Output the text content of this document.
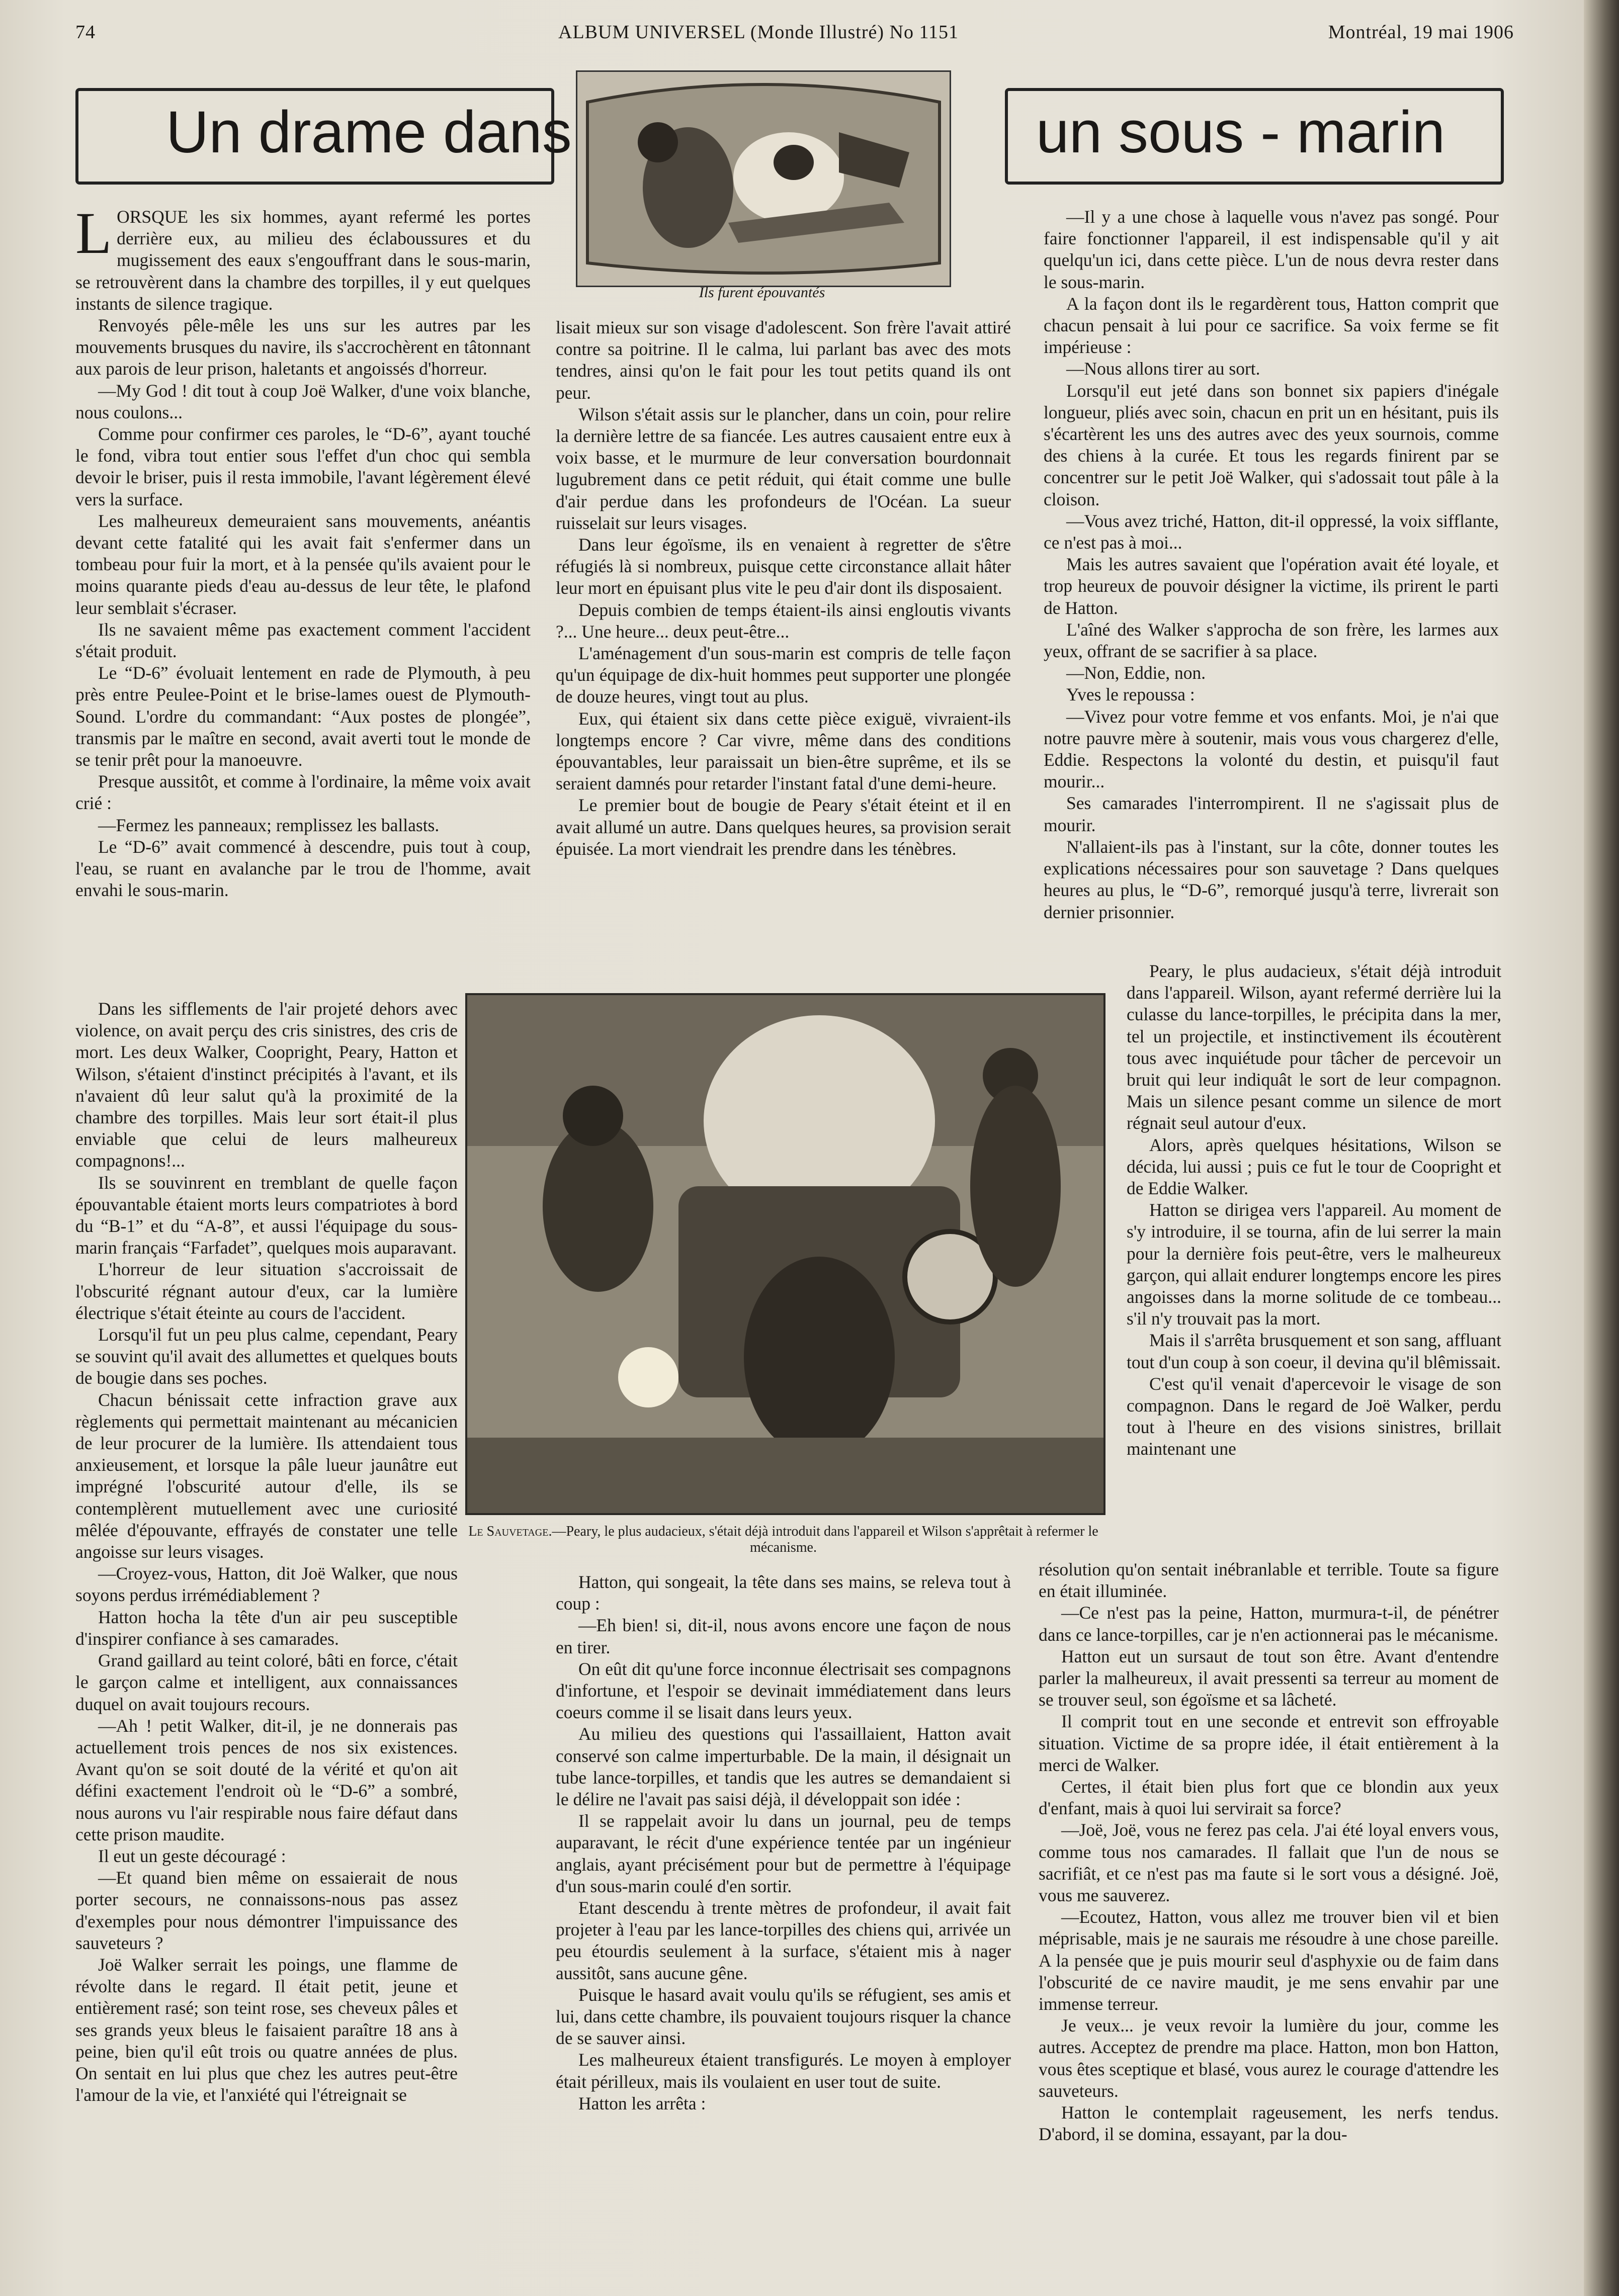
74	ALBUM UNIVERSEL (Monde Illustré) No 1151	Montréal, 19 mai 1906
Un drame dans	un sous - marin
Ils furent épouvantés

LORSQUE les six hommes, ayant refermé les portes derrière eux, au milieu des éclaboussures et du mugissement des eaux s'engouffrant dans le sous-marin, se retrouvèrent dans la chambre des torpilles, il y eut quelques instants de silence tragique.

Renvoyés pêle-mêle les uns sur les autres par les mouvements brusques du navire, ils s'accrochèrent en tâtonnant aux parois de leur prison, haletants et angoissés d'horreur.

—My God ! dit tout à coup Joë Walker, d'une voix blanche, nous coulons...

Comme pour confirmer ces paroles, le “D-6”, ayant touché le fond, vibra tout entier sous l'effet d'un choc qui sembla devoir le briser, puis il resta immobile, l'avant légèrement élevé vers la surface.

Les malheureux demeuraient sans mouvements, anéantis devant cette fatalité qui les avait fait s'enfermer dans un tombeau pour fuir la mort, et à la pensée qu'ils avaient pour le moins quarante pieds d'eau au-dessus de leur tête, le plafond leur semblait s'écraser.

Ils ne savaient même pas exactement comment l'accident s'était produit.

Le “D-6” évoluait lentement en rade de Plymouth, à peu près entre Peulee-Point et le brise-lames ouest de Plymouth-Sound. L'ordre du commandant: “Aux postes de plongée”, transmis par le maître en second, avait averti tout le monde de se tenir prêt pour la manoeuvre.

Presque aussitôt, et comme à l'ordinaire, la même voix avait crié :

—Fermez les panneaux; remplissez les ballasts.

Le “D-6” avait commencé à descendre, puis tout à coup, l'eau, se ruant en avalanche par le trou de l'homme, avait envahi le sous-marin.

Dans les sifflements de l'air projeté dehors avec violence, on avait perçu des cris sinistres, des cris de mort. Les deux Walker, Coopright, Peary, Hatton et Wilson, s'étaient d'instinct précipités à l'avant, et ils n'avaient dû leur salut qu'à la proximité de la chambre des torpilles. Mais leur sort était-il plus enviable que celui de leurs malheureux compagnons!...

Ils se souvinrent en tremblant de quelle façon épouvantable étaient morts leurs compatriotes à bord du “B-1” et du “A-8”, et aussi l'équipage du sous-marin français “Farfadet”, quelques mois auparavant.

L'horreur de leur situation s'accroissait de l'obscurité régnant autour d'eux, car la lumière électrique s'était éteinte au cours de l'accident.

Lorsqu'il fut un peu plus calme, cependant, Peary se souvint qu'il avait des allumettes et quelques bouts de bougie dans ses poches.

Chacun bénissait cette infraction grave aux règlements qui permettait maintenant au mécanicien de leur procurer de la lumière. Ils attendaient tous anxieusement, et lorsque la pâle lueur jaunâtre eut imprégné l'obscurité autour d'elle, ils se contemplèrent mutuellement avec une curiosité mêlée d'épouvante, effrayés de constater une telle angoisse sur leurs visages.

—Croyez-vous, Hatton, dit Joë Walker, que nous soyons perdus irrémédiablement ?

Hatton hocha la tête d'un air peu susceptible d'inspirer confiance à ses camarades.

Grand gaillard au teint coloré, bâti en force, c'était le garçon calme et intelligent, aux connaissances duquel on avait toujours recours.

—Ah ! petit Walker, dit-il, je ne donnerais pas actuellement trois pences de nos six existences. Avant qu'on se soit douté de la vérité et qu'on ait défini exactement l'endroit où le “D-6” a sombré, nous aurons vu l'air respirable nous faire défaut dans cette prison maudite.

Il eut un geste découragé :

—Et quand bien même on essaierait de nous porter secours, ne connaissons-nous pas assez d'exemples pour nous démontrer l'impuissance des sauveteurs ?

Joë Walker serrait les poings, une flamme de révolte dans le regard. Il était petit, jeune et entièrement rasé; son teint rose, ses cheveux pâles et ses grands yeux bleus le faisaient paraître 18 ans à peine, bien qu'il eût trois ou quatre années de plus. On sentait en lui plus que chez les autres peut-être l'amour de la vie, et l'anxiété qui l'étreignait se

lisait mieux sur son visage d'adolescent. Son frère l'avait attiré contre sa poitrine. Il le calma, lui parlant bas avec des mots tendres, ainsi qu'on le fait pour les tout petits quand ils ont peur.

Wilson s'était assis sur le plancher, dans un coin, pour relire la dernière lettre de sa fiancée. Les autres causaient entre eux à voix basse, et le murmure de leur conversation bourdonnait lugubrement dans ce petit réduit, qui était comme une bulle d'air perdue dans les profondeurs de l'Océan. La sueur ruisselait sur leurs visages.

Dans leur égoïsme, ils en venaient à regretter de s'être réfugiés là si nombreux, puisque cette circonstance allait hâter leur mort en épuisant plus vite le peu d'air dont ils disposaient.

Depuis combien de temps étaient-ils ainsi engloutis vivants ?... Une heure... deux peut-être...

L'aménagement d'un sous-marin est compris de telle façon qu'un équipage de dix-huit hommes peut supporter une plongée de douze heures, vingt tout au plus.

Eux, qui étaient six dans cette pièce exiguë, vivraient-ils longtemps encore ? Car vivre, même dans des conditions épouvantables, leur paraissait un bien-être suprême, et ils se seraient damnés pour retarder l'instant fatal d'une demi-heure.

Le premier bout de bougie de Peary s'était éteint et il en avait allumé un autre. Dans quelques heures, sa provision serait épuisée. La mort viendrait les prendre dans les ténèbres.

Le Sauvetage.—Peary, le plus audacieux, s'était déjà introduit dans l'appareil et Wilson s'apprêtait à refermer le mécanisme.

Hatton, qui songeait, la tête dans ses mains, se releva tout à coup :

—Eh bien! si, dit-il, nous avons encore une façon de nous en tirer.

On eût dit qu'une force inconnue électrisait ses compagnons d'infortune, et l'espoir se devinait immédiatement dans leurs coeurs comme il se lisait dans leurs yeux.

Au milieu des questions qui l'assaillaient, Hatton avait conservé son calme imperturbable. De la main, il désignait un tube lance-torpilles, et tandis que les autres se demandaient si le délire ne l'avait pas saisi déjà, il développait son idée :

Il se rappelait avoir lu dans un journal, peu de temps auparavant, le récit d'une expérience tentée par un ingénieur anglais, ayant précisément pour but de permettre à l'équipage d'un sous-marin coulé d'en sortir.

Etant descendu à trente mètres de profondeur, il avait fait projeter à l'eau par les lance-torpilles des chiens qui, arrivée un peu étourdis seulement à la surface, s'étaient mis à nager aussitôt, sans aucune gêne.

Puisque le hasard avait voulu qu'ils se réfugient, ses amis et lui, dans cette chambre, ils pouvaient toujours risquer la chance de se sauver ainsi.

Les malheureux étaient transfigurés. Le moyen à employer était périlleux, mais ils voulaient en user tout de suite.

Hatton les arrêta :

—Il y a une chose à laquelle vous n'avez pas songé. Pour faire fonctionner l'appareil, il est indispensable qu'il y ait quelqu'un ici, dans cette pièce. L'un de nous devra rester dans le sous-marin.

A la façon dont ils le regardèrent tous, Hatton comprit que chacun pensait à lui pour ce sacrifice. Sa voix ferme se fit impérieuse :

—Nous allons tirer au sort.

Lorsqu'il eut jeté dans son bonnet six papiers d'inégale longueur, pliés avec soin, chacun en prit un en hésitant, puis ils s'écartèrent les uns des autres avec des yeux sournois, comme des chiens à la curée. Et tous les regards finirent par se concentrer sur le petit Joë Walker, qui s'adossait tout pâle à la cloison.

—Vous avez triché, Hatton, dit-il oppressé, la voix sifflante, ce n'est pas à moi...

Mais les autres savaient que l'opération avait été loyale, et trop heureux de pouvoir désigner la victime, ils prirent le parti de Hatton.

L'aîné des Walker s'approcha de son frère, les larmes aux yeux, offrant de se sacrifier à sa place.

—Non, Eddie, non.

Yves le repoussa :

—Vivez pour votre femme et vos enfants. Moi, je n'ai que notre pauvre mère à soutenir, mais vous vous chargerez d'elle, Eddie. Respectons la volonté du destin, et puisqu'il faut mourir...

Ses camarades l'interrompirent. Il ne s'agissait plus de mourir.

N'allaient-ils pas à l'instant, sur la côte, donner toutes les explications nécessaires pour son sauvetage ? Dans quelques heures au plus, le “D-6”, remorqué jusqu'à terre, livrerait son dernier prisonnier.

Peary, le plus audacieux, s'était déjà introduit dans l'appareil. Wilson, ayant refermé derrière lui la culasse du lance-torpilles, le précipita dans la mer, tel un projectile, et instinctivement ils écoutèrent tous avec inquiétude pour tâcher de percevoir un bruit qui leur indiquât le sort de leur compagnon. Mais un silence pesant comme un silence de mort régnait seul autour d'eux.

Alors, après quelques hésitations, Wilson se décida, lui aussi ; puis ce fut le tour de Coopright et de Eddie Walker.

Hatton se dirigea vers l'appareil. Au moment de s'y introduire, il se tourna, afin de lui serrer la main pour la dernière fois peut-être, vers le malheureux garçon, qui allait endurer longtemps encore les pires angoisses dans la morne solitude de ce tombeau... s'il n'y trouvait pas la mort.

Mais il s'arrêta brusquement et son sang, affluant tout d'un coup à son coeur, il devina qu'il blêmissait.

C'est qu'il venait d'apercevoir le visage de son compagnon. Dans le regard de Joë Walker, perdu tout à l'heure en des visions sinistres, brillait maintenant une

résolution qu'on sentait inébranlable et terrible. Toute sa figure en était illuminée.

—Ce n'est pas la peine, Hatton, murmura-t-il, de pénétrer dans ce lance-torpilles, car je n'en actionnerai pas le mécanisme.

Hatton eut un sursaut de tout son être. Avant d'entendre parler la malheureux, il avait pressenti sa terreur au moment de se trouver seul, son égoïsme et sa lâcheté.

Il comprit tout en une seconde et entrevit son effroyable situation. Victime de sa propre idée, il était entièrement à la merci de Walker.

Certes, il était bien plus fort que ce blondin aux yeux d'enfant, mais à quoi lui servirait sa force?

—Joë, Joë, vous ne ferez pas cela. J'ai été loyal envers vous, comme tous nos camarades. Il fallait que l'un de nous se sacrifiât, et ce n'est pas ma faute si le sort vous a désigné. Joë, vous me sauverez.

—Ecoutez, Hatton, vous allez me trouver bien vil et bien méprisable, mais je ne saurais me résoudre à une chose pareille. A la pensée que je puis mourir seul d'asphyxie ou de faim dans l'obscurité de ce navire maudit, je me sens envahir par une immense terreur.

Je veux... je veux revoir la lumière du jour, comme les autres. Acceptez de prendre ma place. Hatton, mon bon Hatton, vous êtes sceptique et blasé, vous aurez le courage d'attendre les sauveteurs.

Hatton le contemplait rageusement, les nerfs tendus. D'abord, il se domina, essayant, par la dou-
